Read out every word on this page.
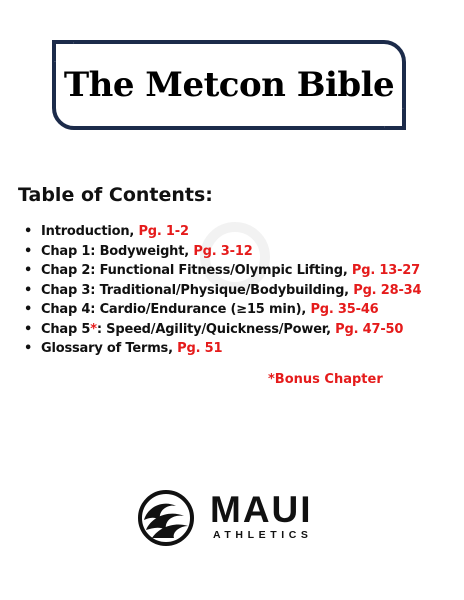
The Metcon Bible
Table of Contents:
• Introduction, Pg. 1-2
• Chap 1: Bodyweight, Pg. 3-12
• Chap 2: Functional Fitness/Olympic Lifting, Pg. 13-27
• Chap 3: Traditional/Physique/Bodybuilding, Pg. 28-34
• Chap 4: Cardio/Endurance (≥15 min), Pg. 35-46
• Chap 5*: Speed/Agility/Quickness/Power, Pg. 47-50
• Glossary of Terms, Pg. 51
*Bonus Chapter
MAUI
ATHLETICS
